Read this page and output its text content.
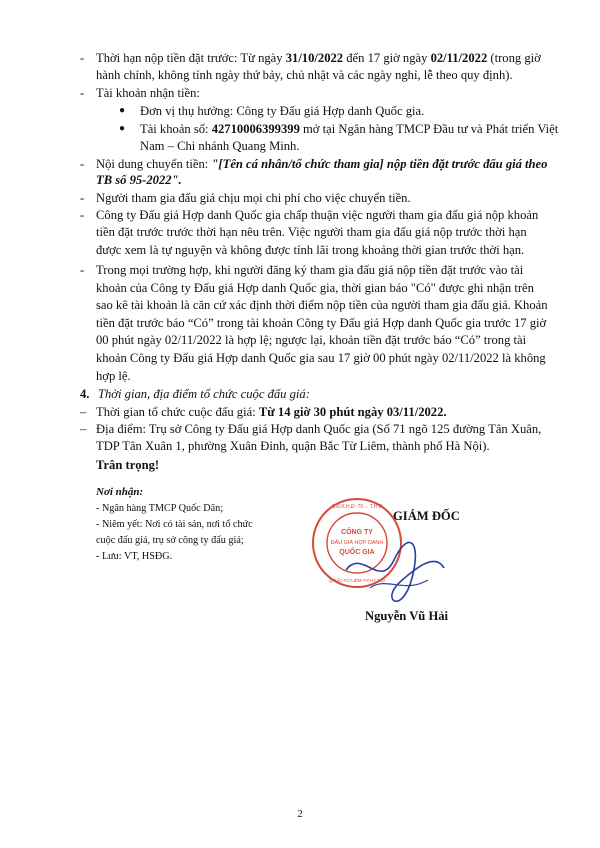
- Thời hạn nộp tiền đặt trước: Từ ngày 31/10/2022 đến 17 giờ ngày 02/11/2022 (trong giờ
hành chính, không tính ngày thứ bảy, chủ nhật và các ngày nghỉ, lễ theo quy định).
- Tài khoản nhận tiền:
● Đơn vị thụ hưởng: Công ty Đấu giá Hợp danh Quốc gia.
● Tài khoản số: 42710006399399 mở tại Ngân hàng TMCP Đầu tư và Phát triển Việt
Nam – Chi nhánh Quang Minh.
- Nội dung chuyển tiền: "[Tên cá nhân/tổ chức tham gia] nộp tiền đặt trước đấu giá theo
TB số 95-2022".
- Người tham gia đấu giá chịu mọi chi phí cho việc chuyển tiền.
- Công ty Đấu giá Hợp danh Quốc gia chấp thuận việc người tham gia đấu giá nộp khoản
tiền đặt trước trước thời hạn nêu trên. Việc người tham gia đấu giá nộp trước thời hạn
được xem là tự nguyện và không được tính lãi trong khoảng thời gian trước thời hạn.
- Trong mọi trường hợp, khi người đăng ký tham gia đấu giá nộp tiền đặt trước vào tài
khoản của Công ty Đấu giá Hợp danh Quốc gia, thời gian báo "Có" được ghi nhận trên
sao kê tài khoản là căn cứ xác định thời điểm nộp tiền của người tham gia đấu giá. Khoản
tiền đặt trước báo “Có” trong tài khoản Công ty Đấu giá Hợp danh Quốc gia trước 17 giờ
00 phút ngày 02/11/2022 là hợp lệ; ngược lại, khoản tiền đặt trước báo “Có” trong tài
khoản Công ty Đấu giá Hợp danh Quốc gia sau 17 giờ 00 phút ngày 02/11/2022 là không
hợp lệ.
4. Thời gian, địa điểm tổ chức cuộc đấu giá:
– Thời gian tổ chức cuộc đấu giá: Từ 14 giờ 30 phút ngày 03/11/2022.
– Địa điểm: Trụ sở Công ty Đấu giá Hợp danh Quốc gia (Số 71 ngõ 125 đường Tân Xuân,
TDP Tân Xuân 1, phường Xuân Đỉnh, quận Bắc Từ Liêm, thành phố Hà Nội).
Trân trọng!
Nơi nhận:
- Ngân hàng TMCP Quốc Dân;
- Niêm yết: Nơi có tài sản, nơi tổ chức
cuộc đấu giá, trụ sở công ty đấu giá;
- Lưu: VT, HSĐG.
GIÁM ĐỐC
CÔNG TY
ĐẤU GIÁ HỢP DANH
QUỐC GIA
S.Đ.K.H.Đ: 79 ... T.H.Đ
Q.BẮC TỪ LIÊM-T.P.HÀ NỘI
Nguyễn Vũ Hải
2
